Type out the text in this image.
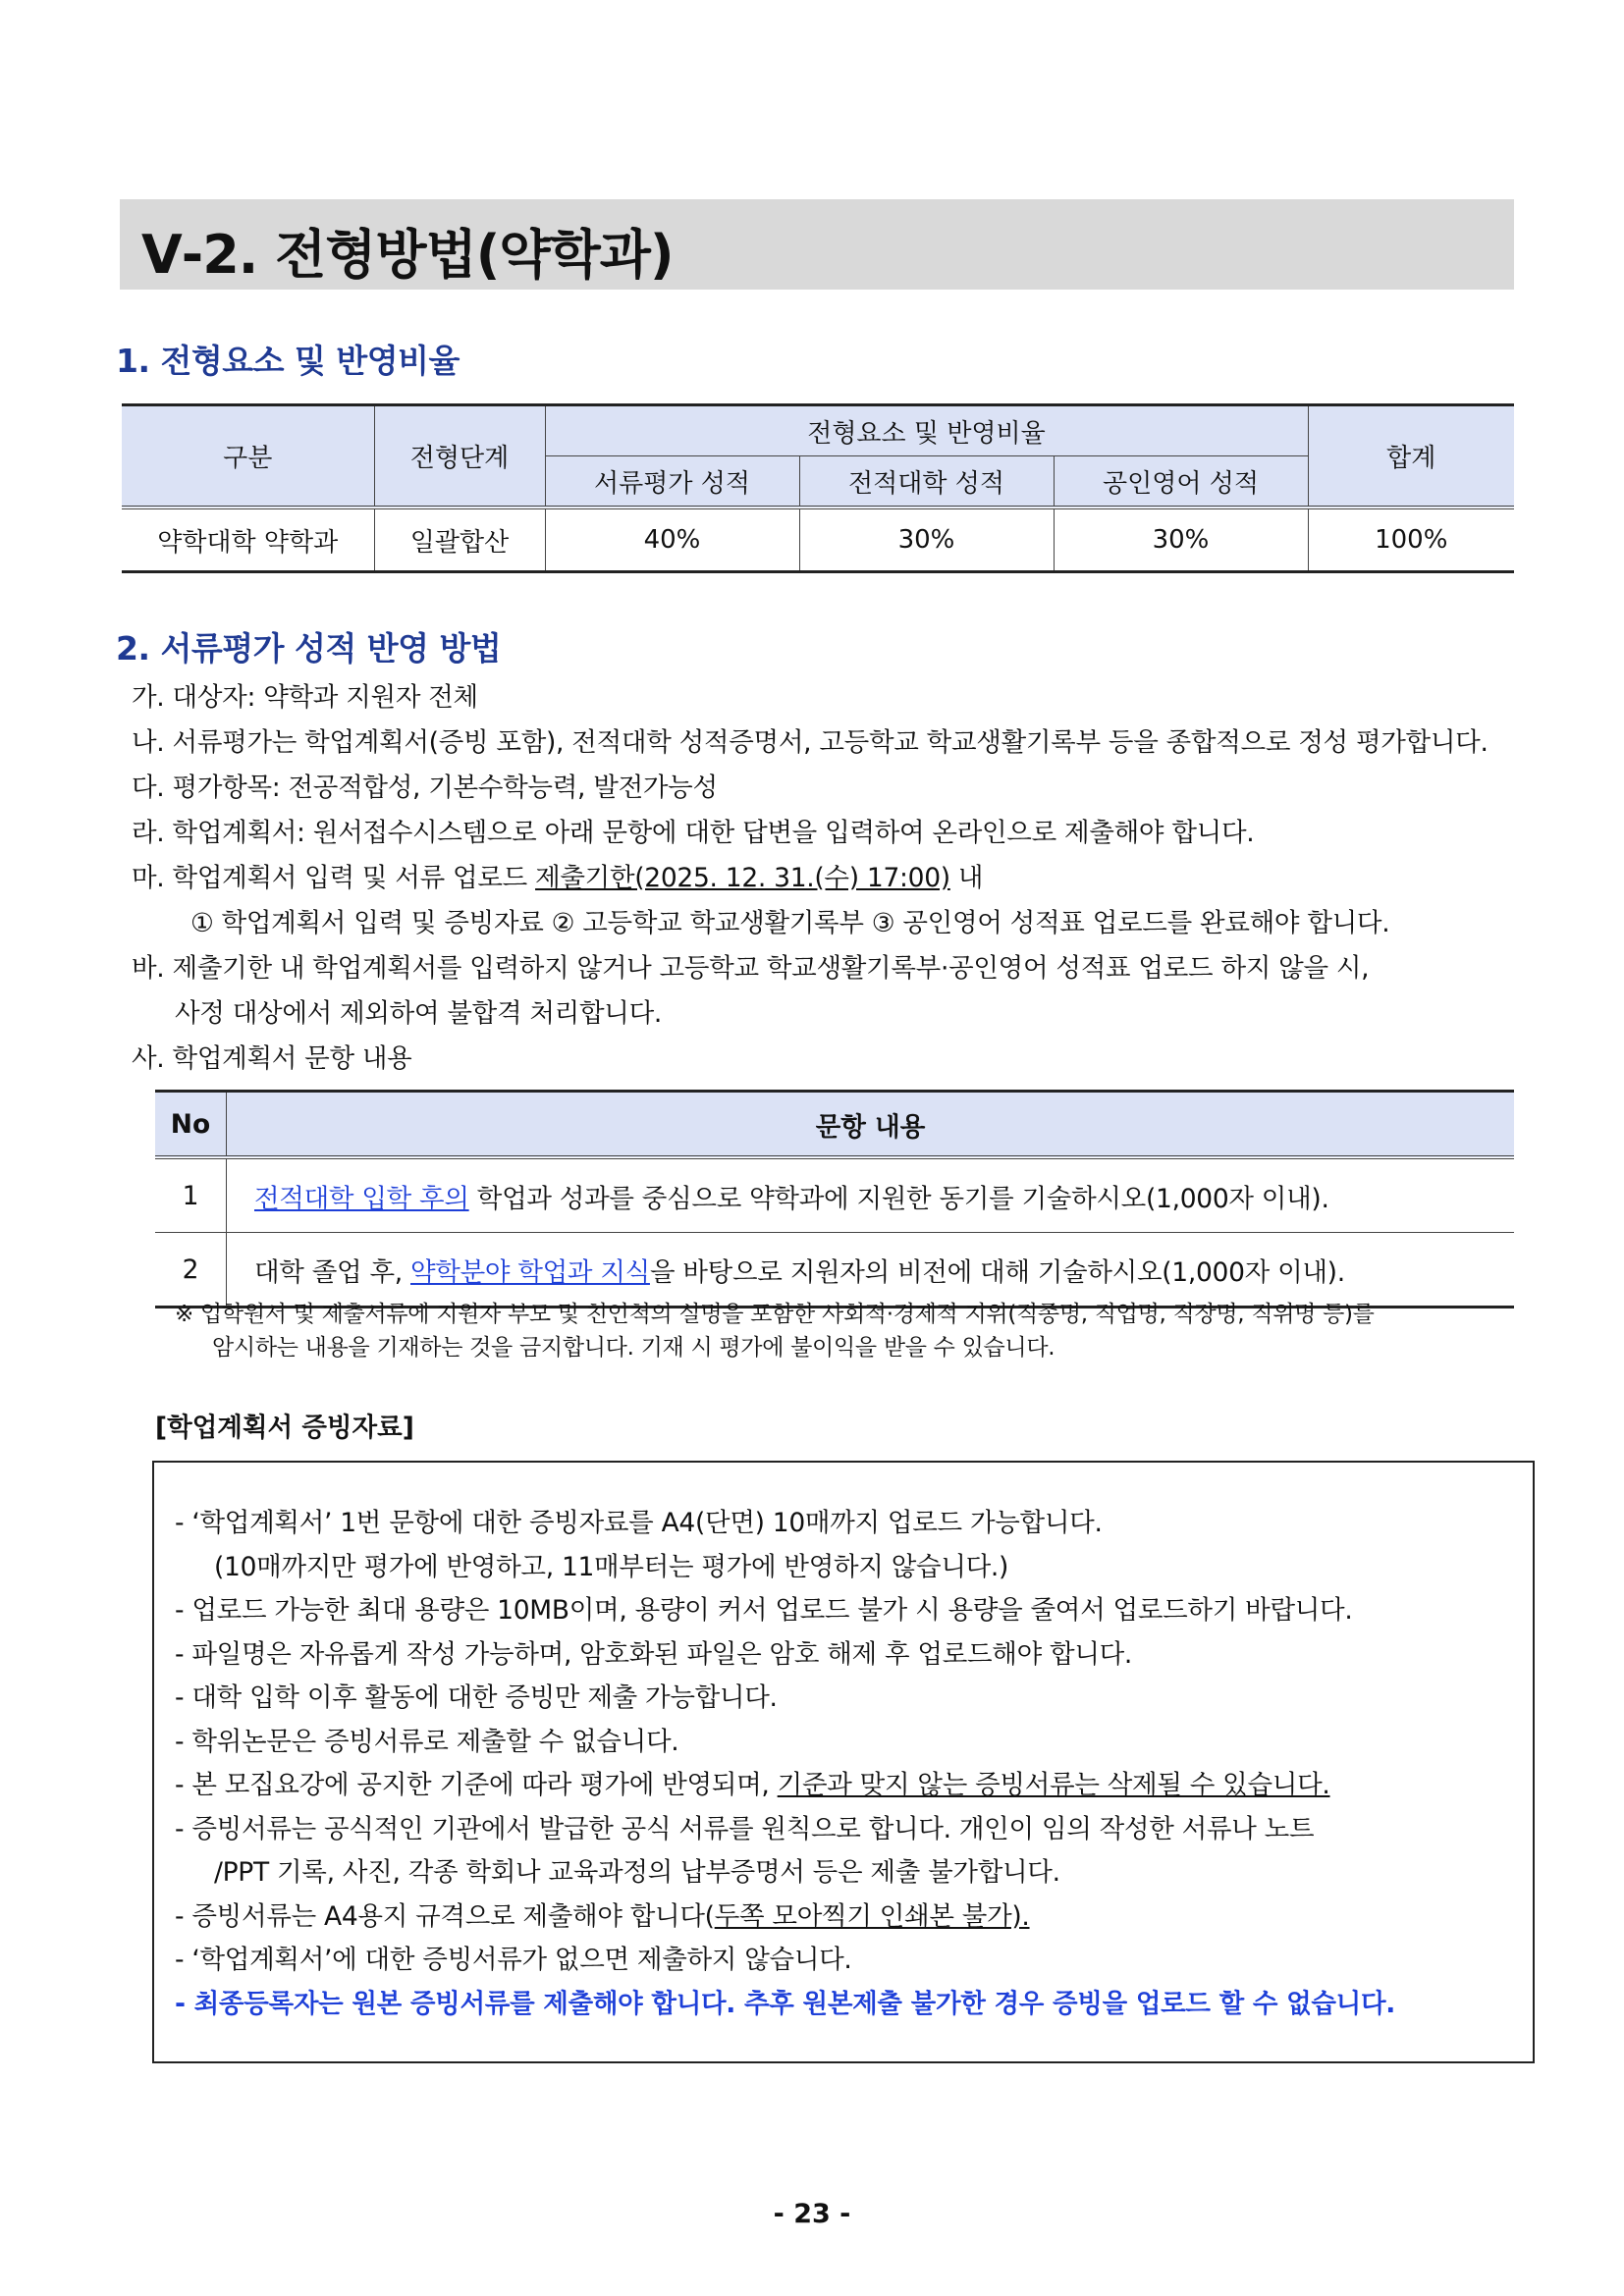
Ⅴ-2. 전형방법(약학과)
1. 전형요소 및 반영비율
구분	전형단계	전형요소 및 반영비율			합계
		서류평가 성적	전적대학 성적	공인영어 성적	
약학대학 약학과	일괄합산	40%	30%	30%	100%
2. 서류평가 성적 반영 방법
가. 대상자: 약학과 지원자 전체
나. 서류평가는 학업계획서(증빙 포함), 전적대학 성적증명서, 고등학교 학교생활기록부 등을 종합적으로 정성 평가합니다.
다. 평가항목: 전공적합성, 기본수학능력, 발전가능성
라. 학업계획서: 원서접수시스템으로 아래 문항에 대한 답변을 입력하여 온라인으로 제출해야 합니다.
마. 학업계획서 입력 및 서류 업로드 제출기한(2025. 12. 31.(수) 17:00) 내
① 학업계획서 입력 및 증빙자료 ② 고등학교 학교생활기록부 ③ 공인영어 성적표 업로드를 완료해야 합니다.
바. 제출기한 내 학업계획서를 입력하지 않거나 고등학교 학교생활기록부·공인영어 성적표 업로드 하지 않을 시,
사정 대상에서 제외하여 불합격 처리합니다.
사. 학업계획서 문항 내용
No	문항 내용
1	전적대학 입학 후의 학업과 성과를 중심으로 약학과에 지원한 동기를 기술하시오(1,000자 이내).
2	대학 졸업 후, 약학분야 학업과 지식을 바탕으로 지원자의 비전에 대해 기술하시오(1,000자 이내).
※ 입학원서 및 제출서류에 지원자 부모 및 친인척의 실명을 포함한 사회적·경제적 지위(직종명, 직업명, 직장명, 직위명 등)를
암시하는 내용을 기재하는 것을 금지합니다. 기재 시 평가에 불이익을 받을 수 있습니다.
[학업계획서 증빙자료]
- ‘학업계획서’ 1번 문항에 대한 증빙자료를 A4(단면) 10매까지 업로드 가능합니다.
(10매까지만 평가에 반영하고, 11매부터는 평가에 반영하지 않습니다.)
- 업로드 가능한 최대 용량은 10MB이며, 용량이 커서 업로드 불가 시 용량을 줄여서 업로드하기 바랍니다.
- 파일명은 자유롭게 작성 가능하며, 암호화된 파일은 암호 해제 후 업로드해야 합니다.
- 대학 입학 이후 활동에 대한 증빙만 제출 가능합니다.
- 학위논문은 증빙서류로 제출할 수 없습니다.
- 본 모집요강에 공지한 기준에 따라 평가에 반영되며, 기준과 맞지 않는 증빙서류는 삭제될 수 있습니다.
- 증빙서류는 공식적인 기관에서 발급한 공식 서류를 원칙으로 합니다. 개인이 임의 작성한 서류나 노트
/PPT 기록, 사진, 각종 학회나 교육과정의 납부증명서 등은 제출 불가합니다.
- 증빙서류는 A4용지 규격으로 제출해야 합니다(두쪽 모아찍기 인쇄본 불가).
- ‘학업계획서’에 대한 증빙서류가 없으면 제출하지 않습니다.
- 최종등록자는 원본 증빙서류를 제출해야 합니다. 추후 원본제출 불가한 경우 증빙을 업로드 할 수 없습니다.
- 23 -
